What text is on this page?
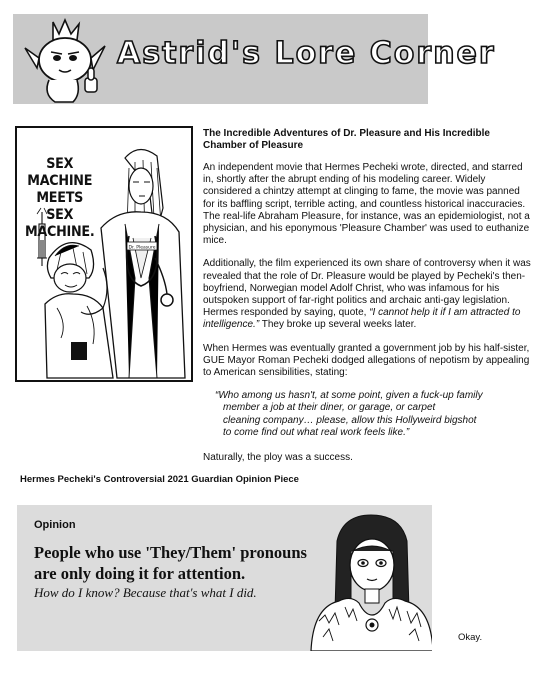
Astrid's Lore Corner
Dr. Pleasure
SEX MACHINE
MEETS
SEX MACHINE.
The Incredible Adventures of Dr. Pleasure and His Incredible Chamber of Pleasure

An independent movie that Hermes Pecheki wrote, directed, and starred in, shortly after the abrupt ending of his modeling career. Widely considered a chintzy attempt at clinging to fame, the movie was panned for its baffling script, terrible acting, and countless historical inaccuracies. The real-life Abraham Pleasure, for instance, was an epidemiologist, not a physician, and his eponymous 'Pleasure Chamber' was used to euthanize mice.

Additionally, the film experienced its own share of controversy when it was revealed that the role of Dr. Pleasure would be played by Pecheki's then-boyfriend, Norwegian model Adolf Christ, who was infamous for his outspoken support of far-right politics and archaic anti-gay legislation. Hermes responded by saying, quote, “I cannot help it if I am attracted to intelligence.” They broke up several weeks later.

When Hermes was eventually granted a government job by his half-sister, GUE Mayor Roman Pecheki dodged allegations of nepotism by appealing to American sensibilities, stating:

“Who among us hasn't, at some point, given a fuck-up family
member a job at their diner, or garage, or carpet
cleaning company… please, allow this Hollyweird bigshot
to come find out what real work feels like.”

Naturally, the ploy was a success.

Hermes Pecheki's Controversial 2021 Guardian Opinion Piece
Opinion
People who use 'They/Them' pronouns are only doing it for attention.
How do I know? Because that's what I did.
Okay.
